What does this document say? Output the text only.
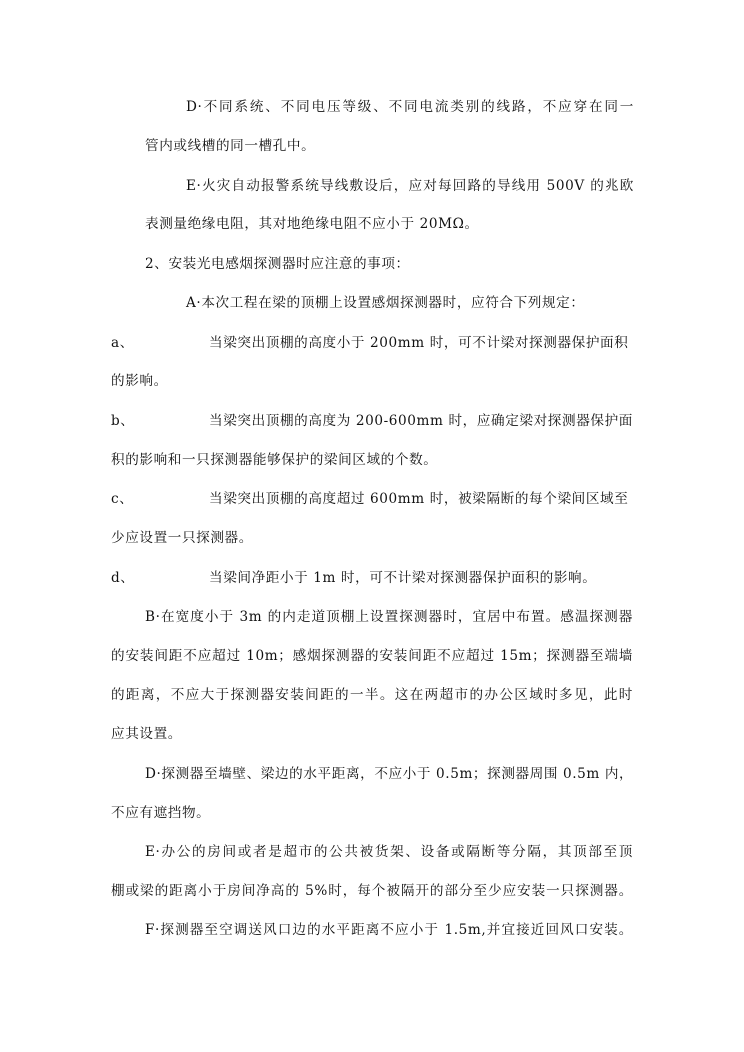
D·不同系统、不同电压等级、不同电流类别的线路，不应穿在同一
管内或线槽的同一槽孔中。
E·火灾自动报警系统导线敷设后，应对每回路的导线用 500V 的兆欧
表测量绝缘电阻，其对地绝缘电阻不应小于 20MΩ。
2、安装光电感烟探测器时应注意的事项：
A·本次工程在梁的顶棚上设置感烟探测器时，应符合下列规定：
a、	当梁突出顶棚的高度小于 200mm 时，可不计梁对探测器保护面积
的影响。
b、	当梁突出顶棚的高度为 200-600mm 时，应确定梁对探测器保护面
积的影响和一只探测器能够保护的梁间区域的个数。
c、	当梁突出顶棚的高度超过 600mm 时，被梁隔断的每个梁间区域至
少应设置一只探测器。
d、	当梁间净距小于 1m 时，可不计梁对探测器保护面积的影响。
B·在宽度小于 3m 的内走道顶棚上设置探测器时，宜居中布置。感温探测器
的安装间距不应超过 10m；感烟探测器的安装间距不应超过 15m；探测器至端墙
的距离，不应大于探测器安装间距的一半。这在两超市的办公区域时多见，此时
应其设置。
D·探测器至墙壁、梁边的水平距离，不应小于 0.5m；探测器周围 0.5m 内，
不应有遮挡物。
E·办公的房间或者是超市的公共被货架、设备或隔断等分隔，其顶部至顶
棚或梁的距离小于房间净高的 5%时，每个被隔开的部分至少应安装一只探测器。
F·探测器至空调送风口边的水平距离不应小于 1.5m,并宜接近回风口安装。
